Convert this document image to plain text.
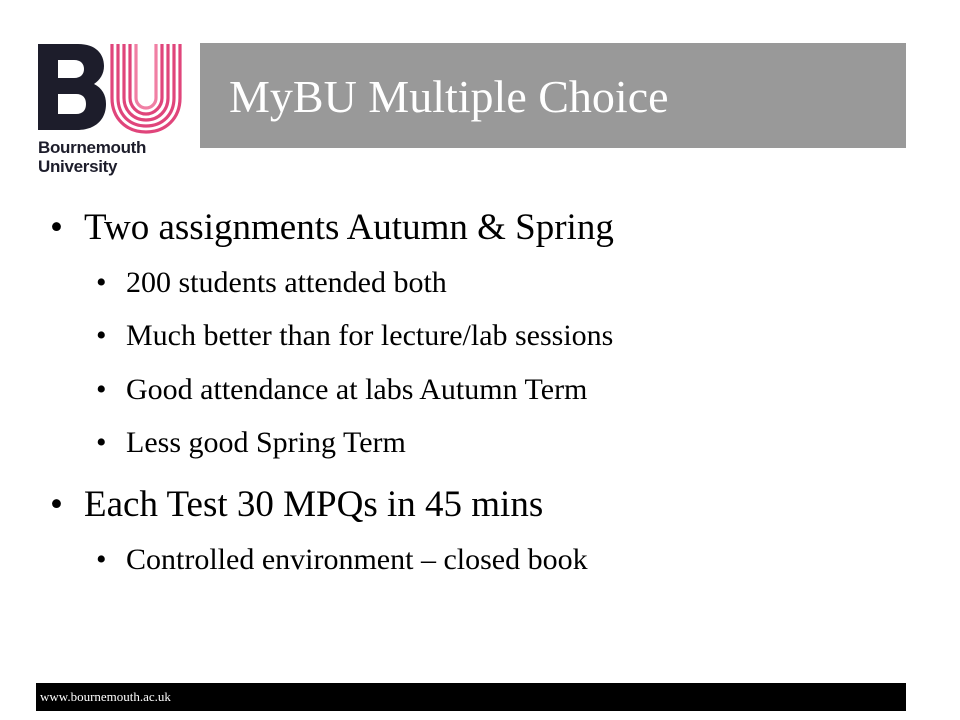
Bournemouth
University
MyBU Multiple Choice
• Two assignments Autumn & Spring
• 200 students attended both
• Much better than for lecture/lab sessions
• Good attendance at labs Autumn Term
• Less good Spring Term
• Each Test 30 MPQs in 45 mins
• Controlled environment – closed book
www.bournemouth.ac.uk
